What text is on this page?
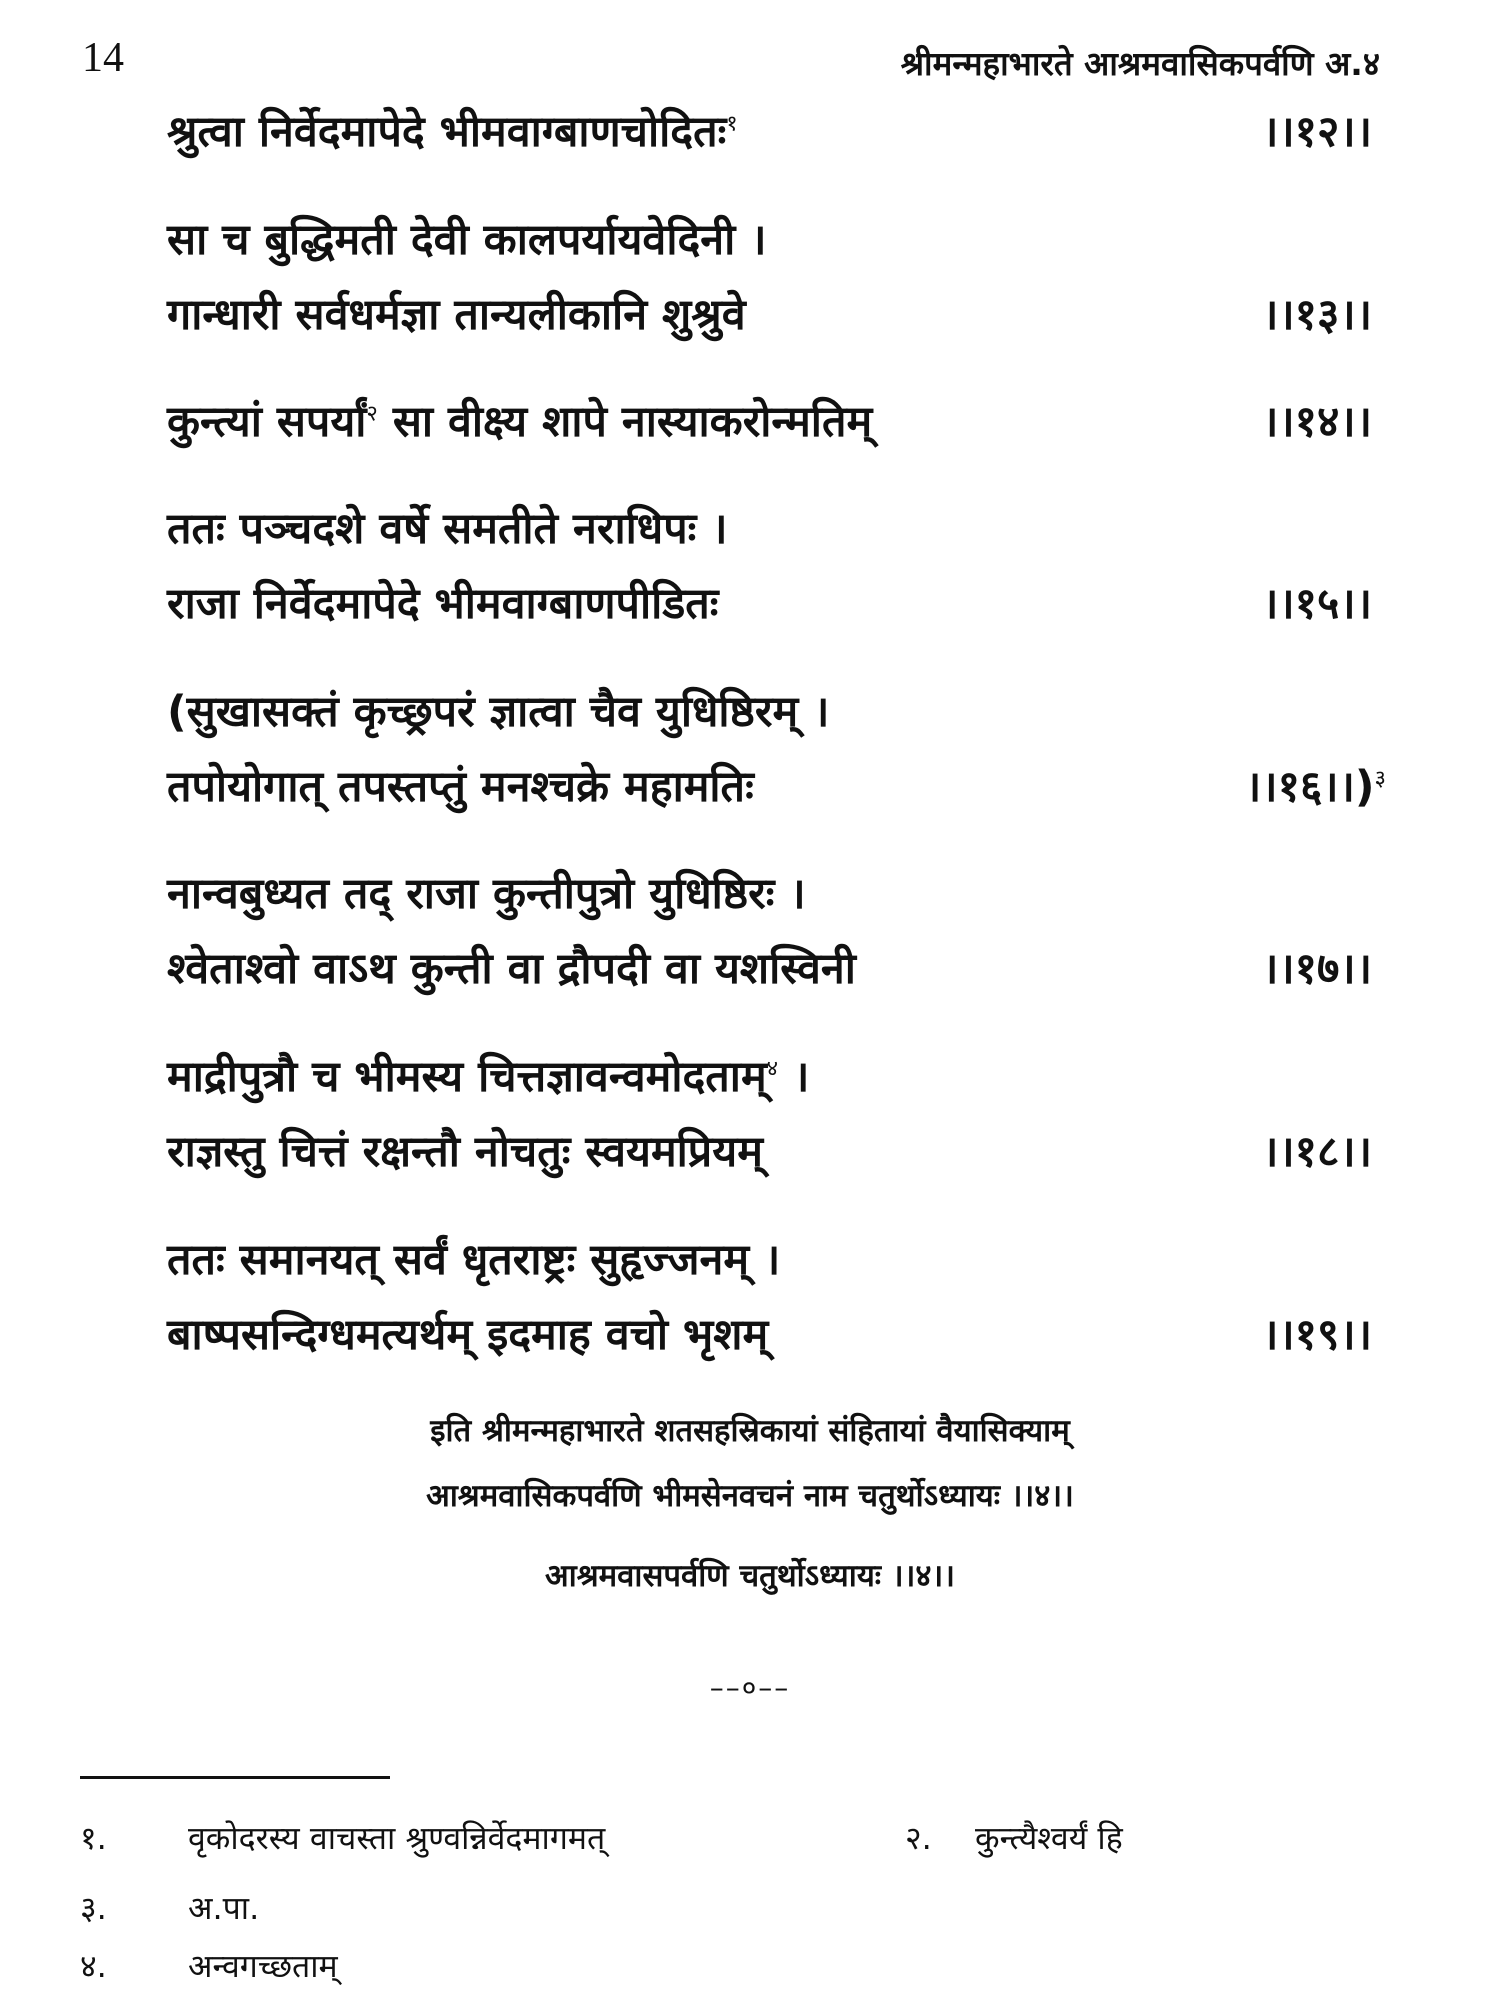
14	श्रीमन्महाभारते आश्रमवासिकपर्वणि अ.४
श्रुत्वा निर्वेदमापेदे भीमवाग्बाणचोदितः$^१$	।।१२।।
सा च बुद्धिमती देवी कालपर्यायवेदिनी ।
गान्धारी सर्वधर्मज्ञा तान्यलीकानि शुश्रुवे	।।१३।।
कुन्त्यां सपर्यां$^२$ सा वीक्ष्य शापे नास्याकरोन्मतिम्	।।१४।।
ततः पञ्चदशे वर्षे समतीते नराधिपः ।
राजा निर्वेदमापेदे भीमवाग्बाणपीडितः	।।१५।।
(सुखासक्तं कृच्छ्रपरं ज्ञात्वा चैव युधिष्ठिरम् ।
तपोयोगात् तपस्तप्तुं मनश्चक्रे महामतिः	।।१६।।)$^३$
नान्वबुध्यत तद् राजा कुन्तीपुत्रो युधिष्ठिरः ।
श्वेताश्वो वाऽथ कुन्ती वा द्रौपदी वा यशस्विनी	।।१७।।
माद्रीपुत्रौ च भीमस्य चित्तज्ञावन्वमोदताम्$^४$ ।
राज्ञस्तु चित्तं रक्षन्तौ नोचतुः स्वयमप्रियम्	।।१८।।
ततः समानयत् सर्वं धृतराष्ट्रः सुहृज्जनम् ।
बाष्पसन्दिग्धमत्यर्थम् इदमाह वचो भृशम्	।।१९।।
इति श्रीमन्महाभारते शतसहस्रिकायां संहितायां वैयासिक्याम्
आश्रमवासिकपर्वणि भीमसेनवचनं नाम चतुर्थोऽध्यायः ।।४।।
आश्रमवासपर्वणि चतुर्थोऽध्यायः ।।४।।
––०––
१.	वृकोदरस्य वाचस्ता श्रुण्वन्निर्वेदमागमत्	२. कुन्त्यैश्वर्यं हि
३.	अ.पा.
४.	अन्वगच्छताम्
